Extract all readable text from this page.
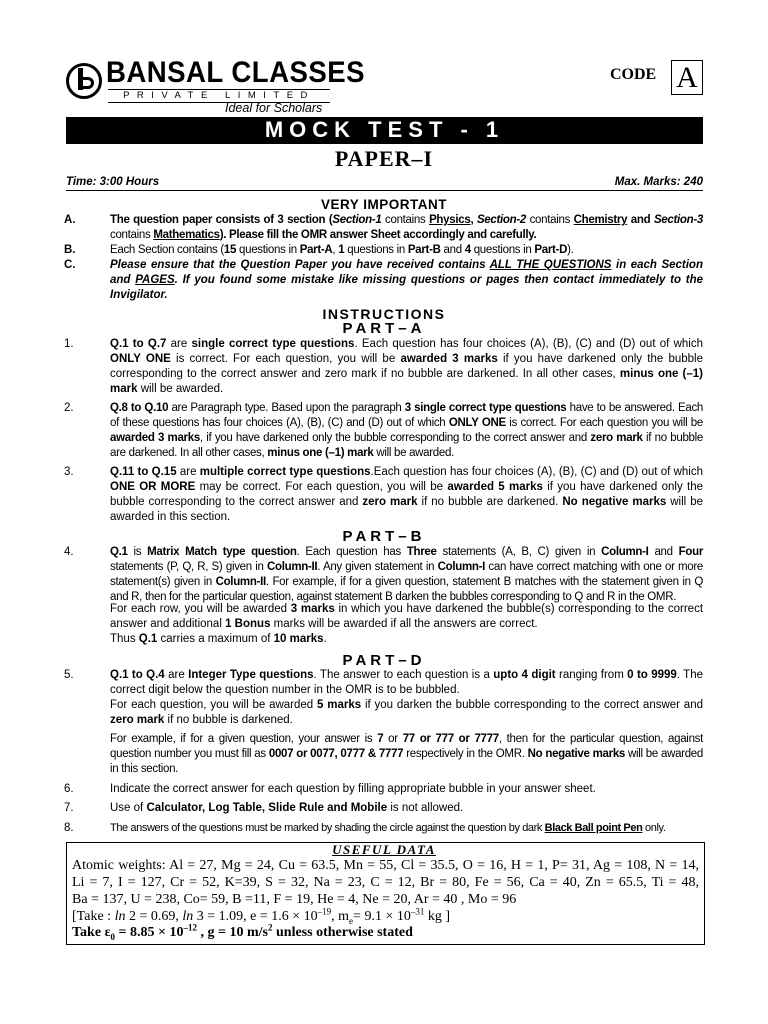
BANSAL CLASSES
PRIVATE LIMITED
Ideal for Scholars
CODE A
MOCK TEST - 1
PAPER–I
Time: 3:00 Hours	Max. Marks: 240
VERY IMPORTANT
A.	The question paper consists of 3 section (Section-1 contains Physics, Section-2 contains Chemistry and Section-3 contains Mathematics). Please fill the OMR answer Sheet accordingly and carefully.
B.	Each Section contains (15 questions in Part-A, 1 questions in Part-B and 4 questions in Part-D).
C.	Please ensure that the Question Paper you have received contains ALL THE QUESTIONS in each Section and PAGES. If you found some mistake like missing questions or pages then contact immediately to the Invigilator.
INSTRUCTIONS
PART–A
1.	Q.1 to Q.7 are single correct type questions. Each question has four choices (A), (B), (C) and (D) out of which ONLY ONE is correct. For each question, you will be awarded 3 marks if you have darkened only the bubble corresponding to the correct answer and zero mark if no bubble are darkened. In all other cases, minus one (–1) mark will be awarded.
2.	Q.8 to Q.10 are Paragraph type. Based upon the paragraph 3 single correct type questions have to be answered. Each of these questions has four choices (A), (B), (C) and (D) out of which ONLY ONE is correct. For each question you will be awarded 3 marks, if you have darkened only the bubble corresponding to the correct answer and zero mark if no bubble are darkened. In all other cases, minus one (–1) mark will be awarded.
3.	Q.11 to Q.15 are multiple correct type questions.Each question has four choices (A), (B), (C) and (D) out of which ONE OR MORE may be correct. For each question, you will be awarded 5 marks if you have darkened only the bubble corresponding to the correct answer and zero mark if no bubble are darkened. No negative marks will be awarded in this section.
PART–B
4.	Q.1 is Matrix Match type question. Each question has Three statements (A, B, C) given in Column-I and Four statements (P, Q, R, S) given in Column-II. Any given statement in Column-I can have correct matching with one or more statement(s) given in Column-II. For example, if for a given question, statement B matches with the statement given in Q and R, then for the particular question, against statement B darken the bubbles corresponding to Q and R in the OMR.
For each row, you will be awarded 3 marks in which you have darkened the bubble(s) corresponding to the correct answer and additional 1 Bonus marks will be awarded if all the answers are correct.
Thus Q.1 carries a maximum of 10 marks.
PART–D
5.	Q.1 to Q.4 are Integer Type questions. The answer to each question is a upto 4 digit ranging from 0 to 9999. The correct digit below the question number in the OMR is to be bubbled.
For each question, you will be awarded 5 marks if you darken the bubble corresponding to the correct answer and zero mark if no bubble is darkened.
For example, if for a given question, your answer is 7 or 77 or 777 or 7777, then for the particular question, against question number you must fill as 0007 or 0077, 0777 & 7777 respectively in the OMR. No negative marks will be awarded in this section.
6.	Indicate the correct answer for each question by filling appropriate bubble in your answer sheet.
7.	Use of Calculator, Log Table, Slide Rule and Mobile is not allowed.
8.	The answers of the questions must be marked by shading the circle against the question by dark Black Ball point Pen only.
USEFUL DATA
Atomic weights: Al = 27, Mg = 24, Cu = 63.5, Mn = 55, Cl = 35.5, O = 16, H = 1, P= 31, Ag = 108, N = 14,
Li = 7, I = 127, Cr = 52, K=39, S = 32, Na = 23, C = 12, Br = 80, Fe = 56, Ca = 40, Zn = 65.5, Ti = 48,
Ba = 137, U = 238, Co= 59, B =11, F = 19, He = 4, Ne = 20, Ar = 40 , Mo = 96
[Take : ln 2 = 0.69, ln 3 = 1.09, $e = 1.6 \times 10^{-19}$, $m_e= 9.1 \times 10^{-31}$ kg ]
Take $\varepsilon_0 = 8.85 \times 10^{-12}$ , g = 10 $m/s^2$ unless otherwise stated
